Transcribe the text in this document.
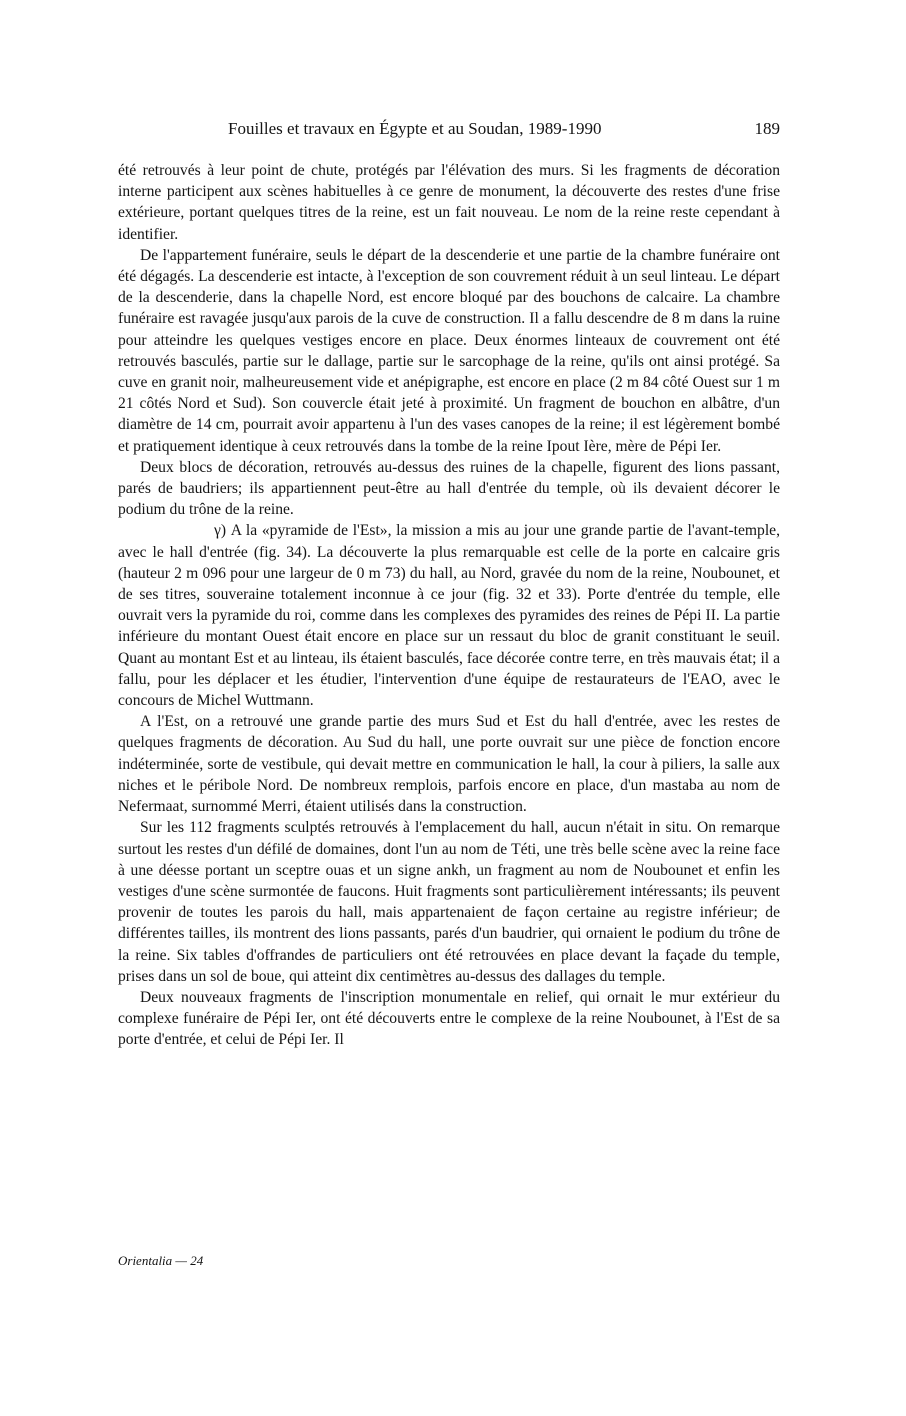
Fouilles et travaux en Égypte et au Soudan, 1989-1990	189

été retrouvés à leur point de chute, protégés par l'élévation des murs. Si les fragments de décoration interne participent aux scènes habituelles à ce genre de monument, la découverte des restes d'une frise extérieure, portant quelques titres de la reine, est un fait nouveau. Le nom de la reine reste cependant à identifier.

De l'appartement funéraire, seuls le départ de la descenderie et une partie de la chambre funéraire ont été dégagés. La descenderie est intacte, à l'exception de son couvrement réduit à un seul linteau. Le départ de la descenderie, dans la chapelle Nord, est encore bloqué par des bouchons de calcaire. La chambre funéraire est ravagée jusqu'aux parois de la cuve de construction. Il a fallu descendre de 8 m dans la ruine pour atteindre les quelques vestiges encore en place. Deux énormes linteaux de couvrement ont été retrouvés basculés, partie sur le dallage, partie sur le sarcophage de la reine, qu'ils ont ainsi protégé. Sa cuve en granit noir, malheureusement vide et anépigraphe, est encore en place (2 m 84 côté Ouest sur 1 m 21 côtés Nord et Sud). Son couvercle était jeté à proximité. Un fragment de bouchon en albâtre, d'un diamètre de 14 cm, pourrait avoir appartenu à l'un des vases canopes de la reine; il est légèrement bombé et pratiquement identique à ceux retrouvés dans la tombe de la reine Ipout Ière, mère de Pépi Ier.

Deux blocs de décoration, retrouvés au-dessus des ruines de la chapelle, figurent des lions passant, parés de baudriers; ils appartiennent peut-être au hall d'entrée du temple, où ils devaient décorer le podium du trône de la reine.

γ) A la «pyramide de l'Est», la mission a mis au jour une grande partie de l'avant-temple, avec le hall d'entrée (fig. 34). La découverte la plus remarquable est celle de la porte en calcaire gris (hauteur 2 m 096 pour une largeur de 0 m 73) du hall, au Nord, gravée du nom de la reine, Noubounet, et de ses titres, souveraine totalement inconnue à ce jour (fig. 32 et 33). Porte d'entrée du temple, elle ouvrait vers la pyramide du roi, comme dans les complexes des pyramides des reines de Pépi II. La partie inférieure du montant Ouest était encore en place sur un ressaut du bloc de granit constituant le seuil. Quant au montant Est et au linteau, ils étaient basculés, face décorée contre terre, en très mauvais état; il a fallu, pour les déplacer et les étudier, l'intervention d'une équipe de restaurateurs de l'EAO, avec le concours de Michel Wuttmann.

A l'Est, on a retrouvé une grande partie des murs Sud et Est du hall d'entrée, avec les restes de quelques fragments de décoration. Au Sud du hall, une porte ouvrait sur une pièce de fonction encore indéterminée, sorte de vestibule, qui devait mettre en communication le hall, la cour à piliers, la salle aux niches et le péribole Nord. De nombreux remplois, parfois encore en place, d'un mastaba au nom de Nefermaat, surnommé Merri, étaient utilisés dans la construction.

Sur les 112 fragments sculptés retrouvés à l'emplacement du hall, aucun n'était in situ. On remarque surtout les restes d'un défilé de domaines, dont l'un au nom de Téti, une très belle scène avec la reine face à une déesse portant un sceptre ouas et un signe ankh, un fragment au nom de Noubounet et enfin les vestiges d'une scène surmontée de faucons. Huit fragments sont particulièrement intéressants; ils peuvent provenir de toutes les parois du hall, mais appartenaient de façon certaine au registre inférieur; de différentes tailles, ils montrent des lions passants, parés d'un baudrier, qui ornaient le podium du trône de la reine. Six tables d'offrandes de particuliers ont été retrouvées en place devant la façade du temple, prises dans un sol de boue, qui atteint dix centimètres au-dessus des dallages du temple.

Deux nouveaux fragments de l'inscription monumentale en relief, qui ornait le mur extérieur du complexe funéraire de Pépi Ier, ont été découverts entre le complexe de la reine Noubounet, à l'Est de sa porte d'entrée, et celui de Pépi Ier. Il

Orientalia — 24
